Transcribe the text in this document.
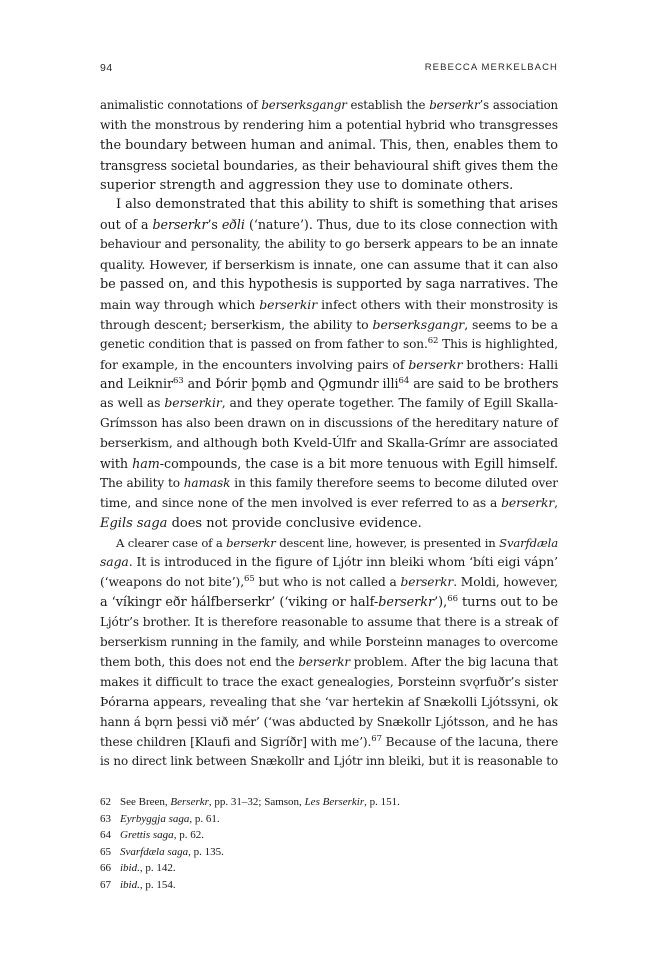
94	REBECCA MERKELBACH
animalistic connotations of berserksgangr establish the berserkr’s association
with the monstrous by rendering him a potential hybrid who transgresses
the boundary between human and animal. This, then, enables them to
transgress societal boundaries, as their behavioural shift gives them the
superior strength and aggression they use to dominate others.
I also demonstrated that this ability to shift is something that arises
out of a berserkr’s eðli (‘nature’). Thus, due to its close connection with
behaviour and personality, the ability to go berserk appears to be an innate
quality. However, if berserkism is innate, one can assume that it can also
be passed on, and this hypothesis is supported by saga narratives. The
main way through which berserkir infect others with their monstrosity is
through descent; berserkism, the ability to berserksgangr, seems to be a
genetic condition that is passed on from father to son.$^{62}$ This is highlighted,
for example, in the encounters involving pairs of berserkr brothers: Halli
and Leiknir$^{63}$ and Þórir þǫmb and Ǫgmundr illi$^{64}$ are said to be brothers
as well as berserkir, and they operate together. The family of Egill Skalla-
Grímsson has also been drawn on in discussions of the hereditary nature of
berserkism, and although both Kveld-Úlfr and Skalla-Grímr are associated
with ham-compounds, the case is a bit more tenuous with Egill himself.
The ability to hamask in this family therefore seems to become diluted over
time, and since none of the men involved is ever referred to as a berserkr,
Egils saga does not provide conclusive evidence.
A clearer case of a berserkr descent line, however, is presented in Svarfdæla
saga. It is introduced in the figure of Ljótr inn bleiki whom ‘bíti eigi vápn’
(‘weapons do not bite’),$^{65}$ but who is not called a berserkr. Moldi, however,
a ‘víkingr eðr hálfberserkr’ (‘viking or half-berserkr’),$^{66}$ turns out to be
Ljótr’s brother. It is therefore reasonable to assume that there is a streak of
berserkism running in the family, and while Þorsteinn manages to overcome
them both, this does not end the berserkr problem. After the big lacuna that
makes it difficult to trace the exact genealogies, Þorsteinn svǫrfuðr’s sister
Þórarna appears, revealing that she ‘var hertekin af Snækolli Ljótssyni, ok
hann á bǫrn þessi við mér’ (‘was abducted by Snækollr Ljótsson, and he has
these children [Klaufi and Sigríðr] with me’).$^{67}$ Because of the lacuna, there
is no direct link between Snækollr and Ljótr inn bleiki, but it is reasonable to
62 See Breen, Berserkr, pp. 31–32; Samson, Les Berserkir, p. 151.
63 Eyrbyggja saga, p. 61.
64 Grettis saga, p. 62.
65 Svarfdæla saga, p. 135.
66 ibid., p. 142.
67 ibid., p. 154.
